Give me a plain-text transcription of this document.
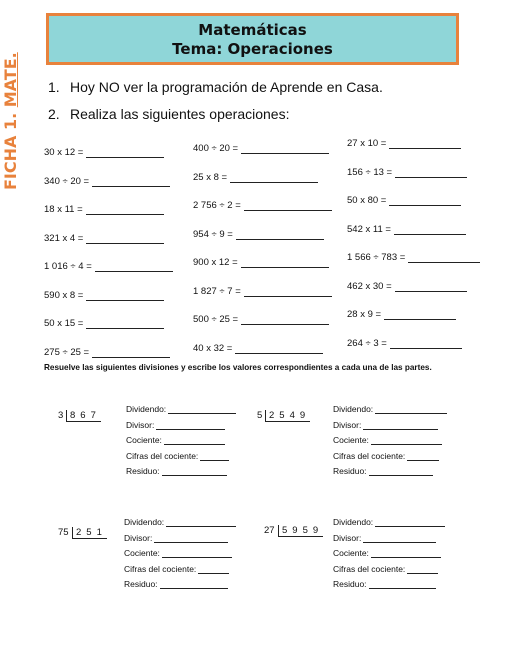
Matemáticas
Tema: Operaciones
FICHA 1. MATE. 1. Hoy NO ver la programación de Aprende en Casa.
2. Realiza las siguientes operaciones:
30 x 12 =
340 ÷ 20 =
18 x 11 =
321 x 4 =
1 016 ÷ 4 =
590 x 8 =
50 x 15 =
275 ÷ 25 =
400 ÷ 20 =
25 x 8 =
2 756 ÷ 2 =
954 ÷ 9 =
900 x 12 =
1 827 ÷ 7 =
500 ÷ 25 =
40 x 32 =
27 x 10 =
156 ÷ 13 =
50 x 80 =
542 x 11 =
1 566 ÷ 783 =
462 x 30 =
28 x 9 =
264 ÷ 3 =
Resuelve las siguientes divisiones y escribe los valores correspondientes a cada una de las partes.
3 867
Dividendo:
Divisor:
Cociente:
Cifras del cociente:
Residuo:
5 2549
Dividendo:
Divisor:
Cociente:
Cifras del cociente:
Residuo:
75 251
Dividendo:
Divisor:
Cociente:
Cifras del cociente:
Residuo:
27 5959
Dividendo:
Divisor:
Cociente:
Cifras del cociente:
Residuo:
